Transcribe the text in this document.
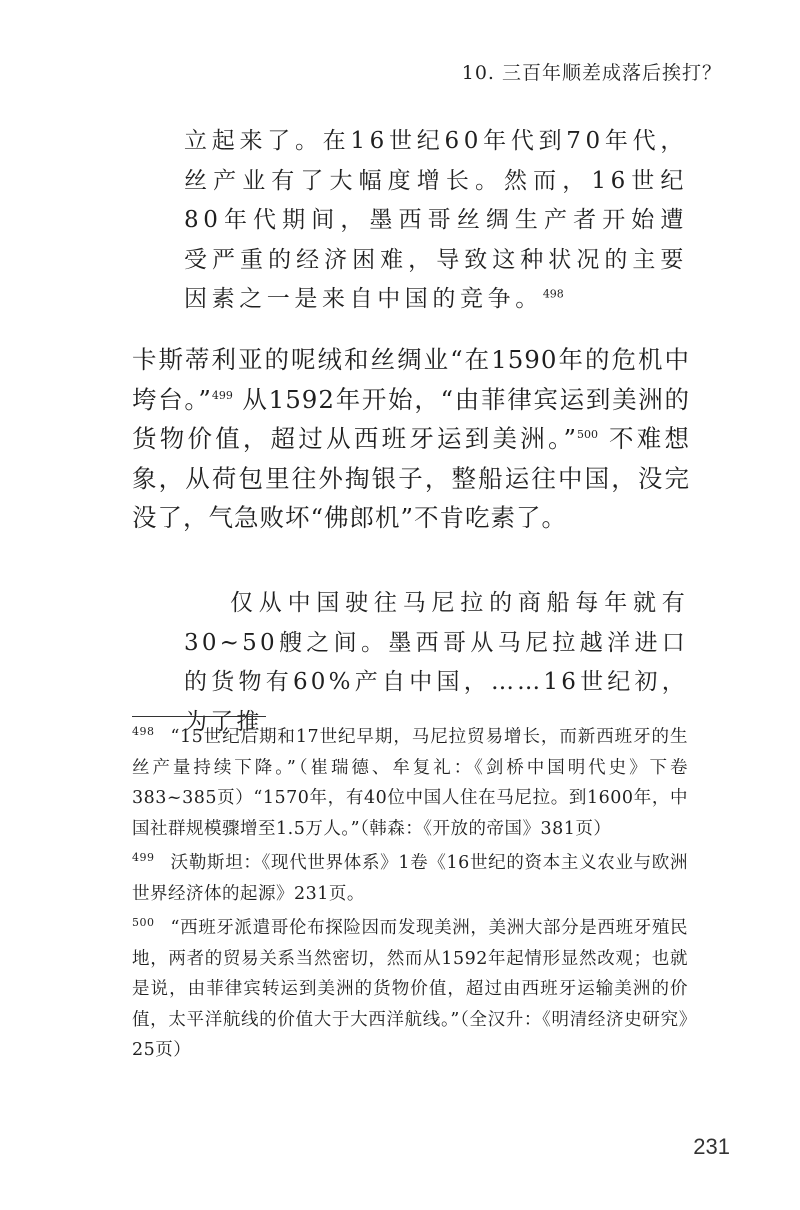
10. 三百年顺差成落后挨打？
立起来了。在16世纪60年代到70年代，丝产业有了大幅度增长。然而，16世纪80年代期间，墨西哥丝绸生产者开始遭受严重的经济困难，导致这种状况的主要因素之一是来自中国的竞争。$^{498}$
卡斯蒂利亚的呢绒和丝绸业“在1590年的危机中垮台。”$^{499}$ 从1592年开始，“由菲律宾运到美洲的货物价值，超过从西班牙运到美洲。”$^{500}$ 不难想象，从荷包里往外掏银子，整船运往中国，没完没了，气急败坏“佛郎机”不肯吃素了。
仅从中国驶往马尼拉的商船每年就有30~50艘之间。墨西哥从马尼拉越洋进口的货物有60%产自中国，……16世纪初，为了推

$^{498}$ “15世纪后期和17世纪早期，马尼拉贸易增长，而新西班牙的生丝产量持续下降。”（崔瑞德、牟复礼：《剑桥中国明代史》下卷383~385页）“1570年，有40位中国人住在马尼拉。到1600年，中国社群规模骤增至1.5万人。”（韩森：《开放的帝国》381页）

$^{499}$ 沃勒斯坦：《现代世界体系》1卷《16世纪的资本主义农业与欧洲世界经济体的起源》231页。

$^{500}$ “西班牙派遣哥伦布探险因而发现美洲，美洲大部分是西班牙殖民地，两者的贸易关系当然密切，然而从1592年起情形显然改观；也就是说，由菲律宾转运到美洲的货物价值，超过由西班牙运输美洲的价值，太平洋航线的价值大于大西洋航线。”（全汉升：《明清经济史研究》25页）

231
